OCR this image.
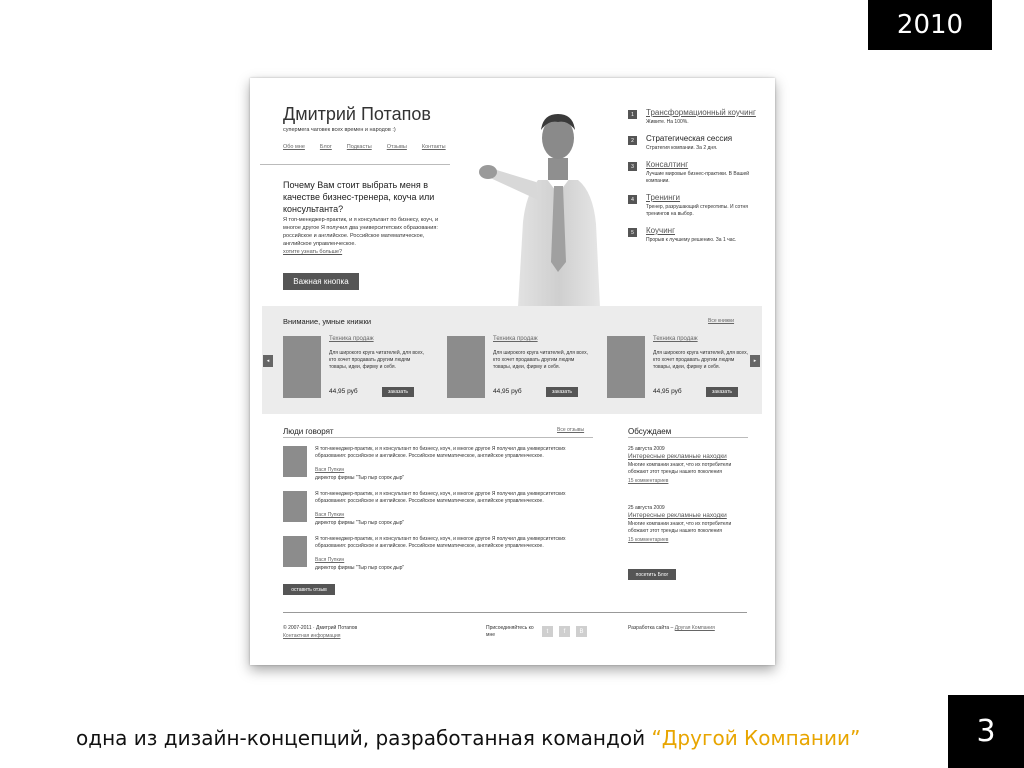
2010
Дмитрий Потапов
супермега чаговек всех времен и народов :)
Обо мне	Блог	Подкасты	Отзывы	Контакты
Почему Вам стоит выбрать меня в качестве бизнес-тренера, коуча или консультанта?
Я топ-менеджер-практик, и я консультант по бизнесу, коуч, и многое другое Я получил два университетских образования: российское и английское. Российское математическое, английское управленческое.
хотите узнать больше?
Важная кнопка
1	Трансформационный коучинг
Живите. На 100%.
2	Стратегическая сессия
Стратегия компании. За 2 дня.
3	Консалтинг
Лучшие мировые бизнес-практики. В Вашей компании.
4	Тренинги
Тренер, разрушающий стереотипы. И сотня тренингов на выбор.
5	Коучинг
Прорыв к лучшему решению. За 1 час.
Внимание, умные книжки	Все книжки
◂	▸
Техника продаж
Для широкого круга читателей, для всех, кто хочет продавать другим людям товары, идеи, фирму и себя.
44,95 руб	заказать
Техника продаж
Для широкого круга читателей, для всех, кто хочет продавать другим людям товары, идеи, фирму и себя.
44,95 руб	заказать
Техника продаж
Для широкого круга читателей, для всех, кто хочет продавать другим людям товары, идеи, фирму и себя.
44,95 руб	заказать
Люди говорят	Все отзывы
Я топ-менеджер-практик, и я консультант по бизнесу, коуч, и многое другое Я получил два университетских образования: российское и английское. Российское математическое, английское управленческое.
Вася Пупкин
директор фирмы "Тыр пыр сорок дыр"
Я топ-менеджер-практик, и я консультант по бизнесу, коуч, и многое другое Я получил два университетских образования: российское и английское. Российское математическое, английское управленческое.
Вася Пупкин
директор фирмы "Тыр пыр сорок дыр"
Я топ-менеджер-практик, и я консультант по бизнесу, коуч, и многое другое Я получил два университетских образования: российское и английское. Российское математическое, английское управленческое.
Вася Пупкин
директор фирмы "Тыр пыр сорок дыр"
оставить отзыв
Обсуждаем
25 августа 2009
Интересные рекламные находки
Многие компании знают, что их потребители обожают этот тренды нашего поколения
15 комментариев
25 августа 2009
Интересные рекламные находки
Многие компании знают, что их потребители обожают этот тренды нашего поколения
15 комментариев
посетить Блог
© 2007-2011 · Дмитрий Потапов
Контактная информация
Присоединяйтесь ко мне
t	f	B
Разработка сайта – Другая Компания
одна из дизайн-концепций, разработанная командой “Другой Компании”	3
